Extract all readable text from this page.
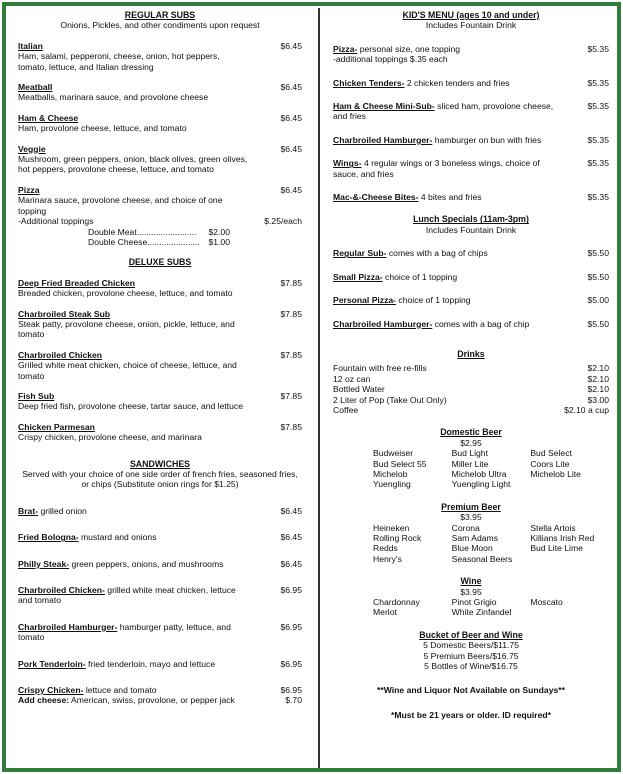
REGULAR SUBS
Onions, Pickles, and other condiments upon request
Italian	$6.45
Ham, salami, pepperoni, cheese, onion, hot peppers, tomato, lettuce, and Italian dressing
Meatball	$6.45
Meatballs, marinara sauce, and provolone cheese
Ham & Cheese	$6.45
Ham, provolone cheese, lettuce, and tomato
Veggie	$6.45
Mushroom, green peppers, onion, black olives, green olives, hot peppers, provolone cheese, lettuce, and tomato
Pizza	$6.45
Marinara sauce, provolone cheese, and choice of one topping
-Additional toppings	$.25/each
Double Meat......................... $2.00
Double Cheese...................... $1.00
DELUXE SUBS
Deep Fried Breaded Chicken	$7.85
Breaded chicken, provolone cheese, lettuce, and tomato
Charbroiled Steak Sub	$7.85
Steak patty, provolone cheese, onion, pickle, lettuce, and tomato
Charbroiled Chicken	$7.85
Grilled white meat chicken, choice of cheese, lettuce, and tomato
Fish Sub	$7.85
Deep fried fish, provolone cheese, tartar sauce, and lettuce
Chicken Parmesan	$7.85
Crispy chicken, provolone cheese, and marinara
SANDWICHES
Served with your choice of one side order of french fries, seasoned fries, or chips (Substitute onion rings for $1.25)
Brat- grilled onion	$6.45
Fried Bologna- mustard and onions	$6.45
Philly Steak- green peppers, onions, and mushrooms	$6.45
Charbroiled Chicken- grilled white meat chicken, lettuce and tomato
$6.95
Charbroiled Hamburger- hamburger patty, lettuce, and tomato
$6.95
Pork Tenderloin- fried tenderloin, mayo and lettuce	$6.95
Crispy Chicken- lettuce and tomato	$6.95
Add cheese: American, swiss, provolone, or pepper jack	$.70
KID'S MENU (ages 10 and under)
Includes Fountain Drink
Pizza- personal size, one topping
-additional toppings $.35 each
$5.35
Chicken Tenders- 2 chicken tenders and fries	$5.35
Ham & Cheese Mini-Sub- sliced ham, provolone cheese, and fries
$5.35
Charbroiled Hamburger- hamburger on bun with fries	$5.35
Wings- 4 regular wings or 3 boneless wings, choice of sauce, and fries
$5.35
Mac-&-Cheese Bites- 4 bites and fries	$5.35
Lunch Specials (11am-3pm)
Includes Fountain Drink
Regular Sub- comes with a bag of chips	$5.50
Small Pizza- choice of 1 topping	$5.50
Personal Pizza- choice of 1 topping	$5.00
Charbroiled Hamburger- comes with a bag of chip	$5.50
Drinks
Fountain with free re-fills	$2.10
12 oz can	$2.10
Bottled Water	$2.10
2 Liter of Pop (Take Out Only)	$3.00
Coffee	$2.10 a cup
Domestic Beer
$2.95
Budweiser	Bud Light	Bud Select
Bud Select 55	Miller Lite	Coors Lite
Michelob	Michelob Ultra	Michelob Lite
Yuengling	Yuengling Light
Premium Beer
$3.95
Heineken	Corona	Stella Artois
Rolling Rock	Sam Adams	Killians Irish Red
Redds	Blue Moon	Bud Lite Lime
Henry's	Seasonal Beers
Wine
$3.95
Chardonnay	Pinot Grigio	Moscato
Merlot	White Zinfandel
Bucket of Beer and Wine
5 Domestic Beers/$11.75
5 Premium Beers/$16.75
5 Bottles of Wine/$16.75
**Wine and Liquor Not Available on Sundays**
*Must be 21 years or older. ID required*
